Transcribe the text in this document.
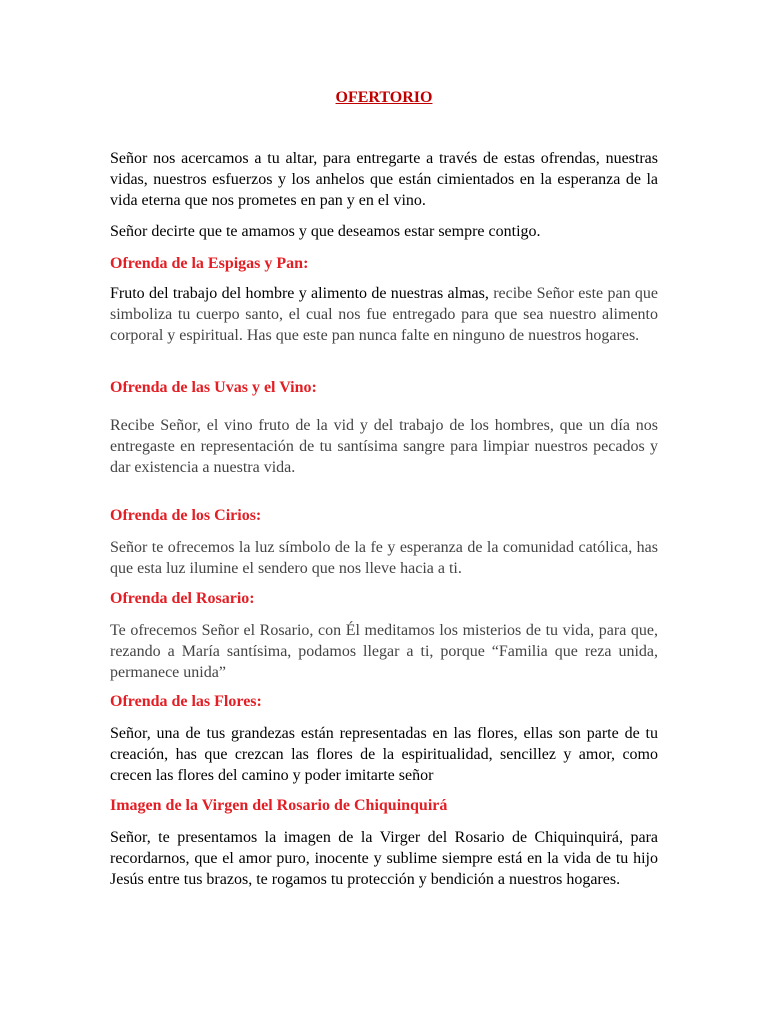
OFERTORIO

Señor nos acercamos a tu altar, para entregarte a través de estas ofrendas, nuestras vidas, nuestros esfuerzos y los anhelos que están cimientados en la esperanza de la vida eterna que nos prometes en pan y en el vino.

Señor decirte que te amamos y que deseamos estar sempre contigo.

Ofrenda de la Espigas y Pan:

Fruto del trabajo del hombre y alimento de nuestras almas, recibe Señor este pan que simboliza tu cuerpo santo, el cual nos fue entregado para que sea nuestro alimento corporal y espiritual. Has que este pan nunca falte en ninguno de nuestros hogares.

Ofrenda de las Uvas y el Vino:

Recibe Señor, el vino fruto de la vid y del trabajo de los hombres, que un día nos entregaste en representación de tu santísima sangre para limpiar nuestros pecados y dar existencia a nuestra vida.

Ofrenda de los Cirios:

Señor te ofrecemos la luz símbolo de la fe y esperanza de la comunidad católica, has que esta luz ilumine el sendero que nos lleve hacia a ti.

Ofrenda del Rosario:

Te ofrecemos Señor el Rosario, con Él meditamos los misterios de tu vida, para que, rezando a María santísima, podamos llegar a ti, porque “Familia que reza unida, permanece unida”

Ofrenda de las Flores:

Señor, una de tus grandezas están representadas en las flores, ellas son parte de tu creación, has que crezcan las flores de la espiritualidad, sencillez y amor, como crecen las flores del camino y poder imitarte señor

Imagen de la Virgen del Rosario de Chiquinquirá

Señor, te presentamos la imagen de la Virger del Rosario de Chiquinquirá, para recordarnos, que el amor puro, inocente y sublime siempre está en la vida de tu hijo Jesús entre tus brazos, te rogamos tu protección y bendición a nuestros hogares.
